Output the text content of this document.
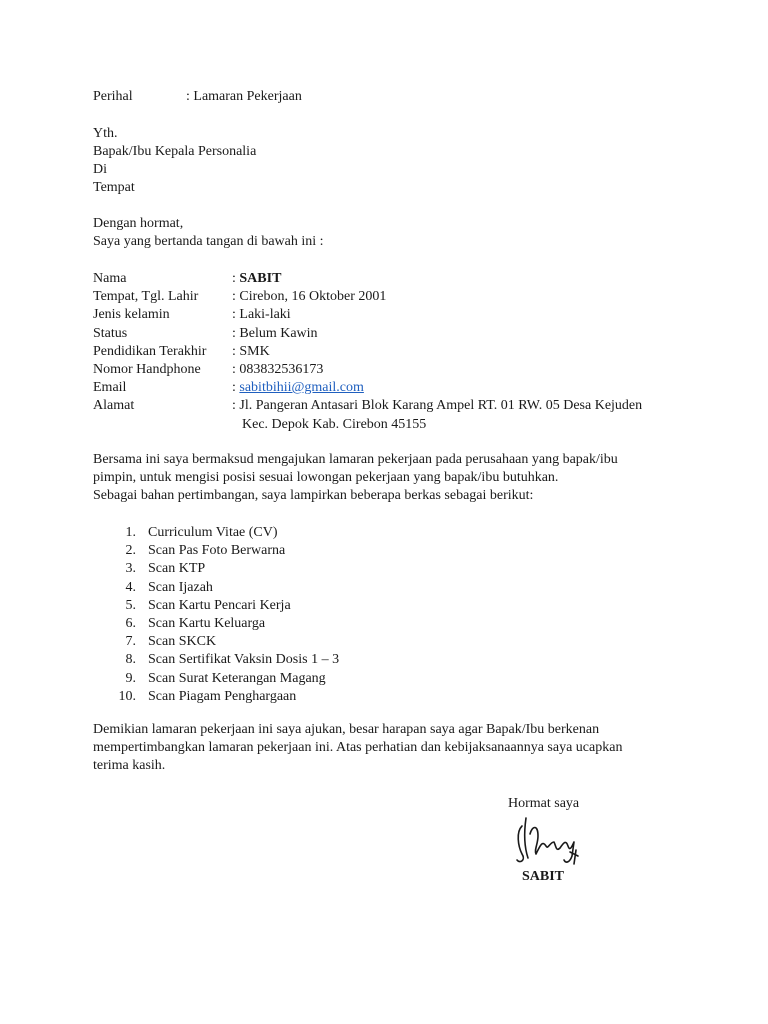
Perihal	: Lamaran Pekerjaan
Yth.
Bapak/Ibu Kepala Personalia
Di
Tempat
Dengan hormat,
Saya yang bertanda tangan di bawah ini :
Nama	: SABIT
Tempat, Tgl. Lahir : Cirebon, 16 Oktober 2001
Jenis kelamin	: Laki-laki
Status	: Belum Kawin
Pendidikan Terakhir : SMK
Nomor Handphone : 083832536173
Email	: sabitbihii@gmail.com
Alamat	: Jl. Pangeran Antasari Blok Karang Ampel RT. 01 RW. 05 Desa Kejuden
Kec. Depok Kab. Cirebon 45155
Bersama ini saya bermaksud mengajukan lamaran pekerjaan pada perusahaan yang bapak/ibu
pimpin, untuk mengisi posisi sesuai lowongan pekerjaan yang bapak/ibu butuhkan.
Sebagai bahan pertimbangan, saya lampirkan beberapa berkas sebagai berikut:
1. Curriculum Vitae (CV)
2. Scan Pas Foto Berwarna
3. Scan KTP
4. Scan Ijazah
5. Scan Kartu Pencari Kerja
6. Scan Kartu Keluarga
7. Scan SKCK
8. Scan Sertifikat Vaksin Dosis 1 – 3
9. Scan Surat Keterangan Magang
10. Scan Piagam Penghargaan
Demikian lamaran pekerjaan ini saya ajukan, besar harapan saya agar Bapak/Ibu berkenan
mempertimbangkan lamaran pekerjaan ini. Atas perhatian dan kebijaksanaannya saya ucapkan
terima kasih.
Hormat saya
SABIT
